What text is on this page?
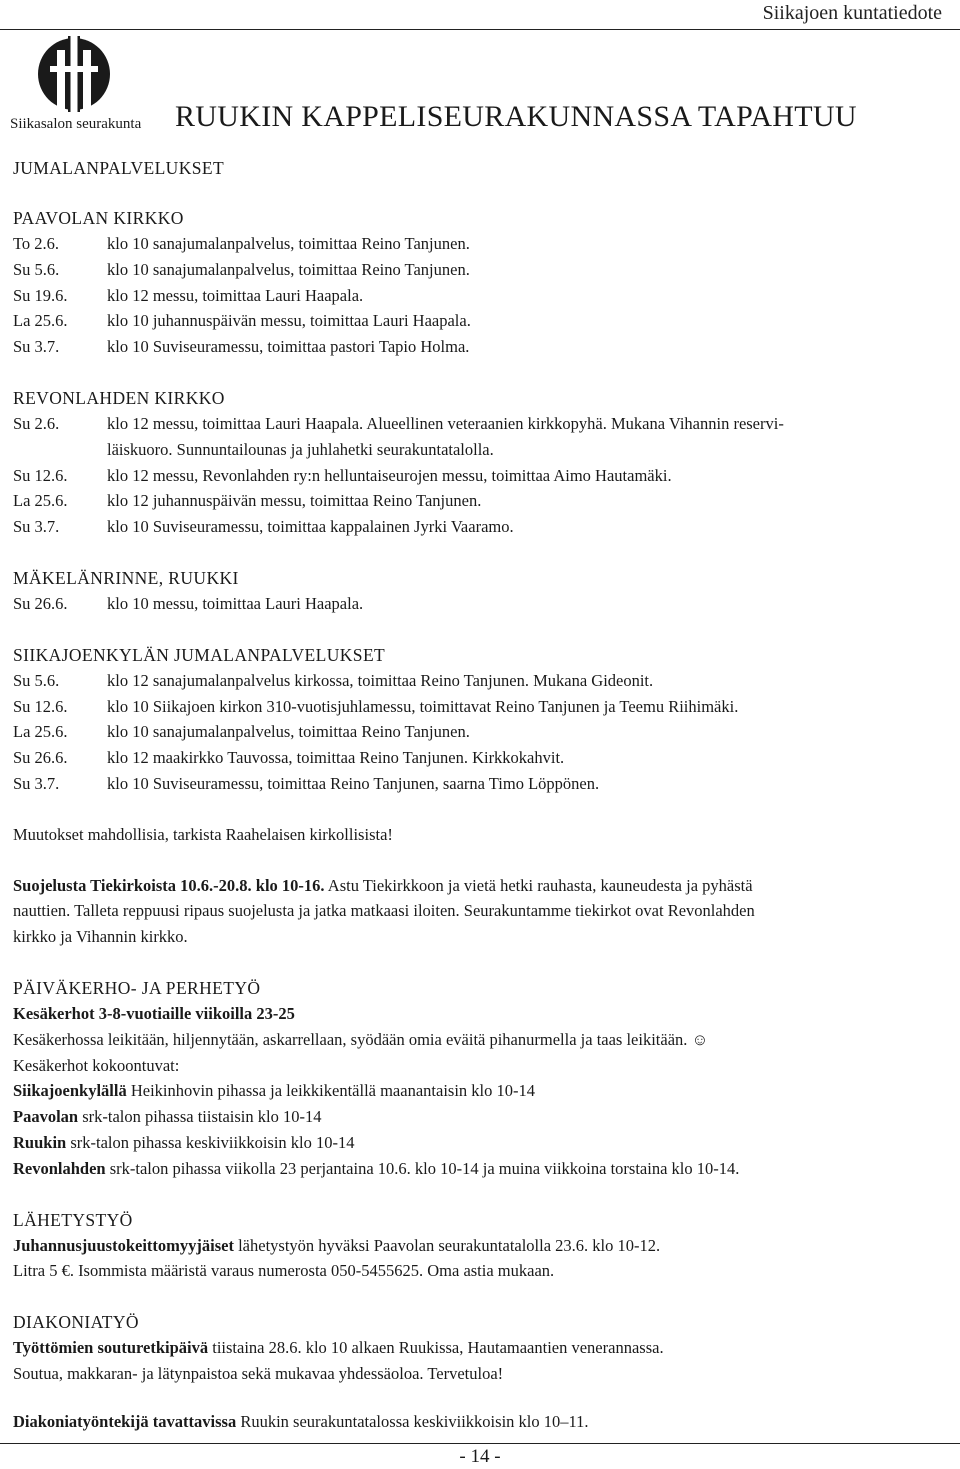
Siikajoen kuntatiedote
Siikasalon seurakunta RUUKIN KAPPELISEURAKUNNASSA TAPAHTUU
JUMALANPALVELUKSET
PAAVOLAN KIRKKO
To 2.6.	klo 10 sanajumalanpalvelus, toimittaa Reino Tanjunen.
Su 5.6.	klo 10 sanajumalanpalvelus, toimittaa Reino Tanjunen.
Su 19.6.	klo 12 messu, toimittaa Lauri Haapala.
La 25.6.	klo 10 juhannuspäivän messu, toimittaa Lauri Haapala.
Su 3.7.	klo 10 Suviseuramessu, toimittaa pastori Tapio Holma.
REVONLAHDEN KIRKKO
Su 2.6.	klo 12 messu, toimittaa Lauri Haapala. Alueellinen veteraanien kirkkopyhä. Mukana Vihannin reservi-
läiskuoro. Sunnuntailounas ja juhlahetki seurakuntatalolla.
Su 12.6.	klo 12 messu, Revonlahden ry:n helluntaiseurojen messu, toimittaa Aimo Hautamäki.
La 25.6.	klo 12 juhannuspäivän messu, toimittaa Reino Tanjunen.
Su 3.7.	klo 10 Suviseuramessu, toimittaa kappalainen Jyrki Vaaramo.
MÄKELÄNRINNE, RUUKKI
Su 26.6.	klo 10 messu, toimittaa Lauri Haapala.
SIIKAJOENKYLÄN JUMALANPALVELUKSET
Su 5.6.	klo 12 sanajumalanpalvelus kirkossa, toimittaa Reino Tanjunen. Mukana Gideonit.
Su 12.6.	klo 10 Siikajoen kirkon 310-vuotisjuhlamessu, toimittavat Reino Tanjunen ja Teemu Riihimäki.
La 25.6.	klo 10 sanajumalanpalvelus, toimittaa Reino Tanjunen.
Su 26.6.	klo 12 maakirkko Tauvossa, toimittaa Reino Tanjunen. Kirkkokahvit.
Su 3.7.	klo 10 Suviseuramessu, toimittaa Reino Tanjunen, saarna Timo Löppönen.
Muutokset mahdollisia, tarkista Raahelaisen kirkollisista!
Suojelusta Tiekirkoista 10.6.-20.8. klo 10-16. Astu Tiekirkkoon ja vietä hetki rauhasta, kauneudesta ja pyhästä
nauttien. Talleta reppuusi ripaus suojelusta ja jatka matkaasi iloiten. Seurakuntamme tiekirkot ovat Revonlahden
kirkko ja Vihannin kirkko.
PÄIVÄKERHO- JA PERHETYÖ
Kesäkerhot 3-8-vuotiaille viikoilla 23-25
Kesäkerhossa leikitään, hiljennytään, askarrellaan, syödään omia eväitä pihanurmella ja taas leikitään. ☺
Kesäkerhot kokoontuvat:
Siikajoenkylällä Heikinhovin pihassa ja leikkikentällä maanantaisin klo 10-14
Paavolan srk-talon pihassa tiistaisin klo 10-14
Ruukin srk-talon pihassa keskiviikkoisin klo 10-14
Revonlahden srk-talon pihassa viikolla 23 perjantaina 10.6. klo 10-14 ja muina viikkoina torstaina klo 10-14.
LÄHETYSTYÖ
Juhannusjuustokeittomyyjäiset lähetystyön hyväksi Paavolan seurakuntatalolla 23.6. klo 10-12.
Litra 5 €. Isommista määristä varaus numerosta 050-5455625. Oma astia mukaan.
DIAKONIATYÖ
Työttömien souturetkipäivä tiistaina 28.6. klo 10 alkaen Ruukissa, Hautamaantien venerannassa.
Soutua, makkaran- ja lätynpaistoa sekä mukavaa yhdessäoloa. Tervetuloa!
Diakoniatyöntekijä tavattavissa Ruukin seurakuntatalossa keskiviikkoisin klo 10–11.
- 14 -
